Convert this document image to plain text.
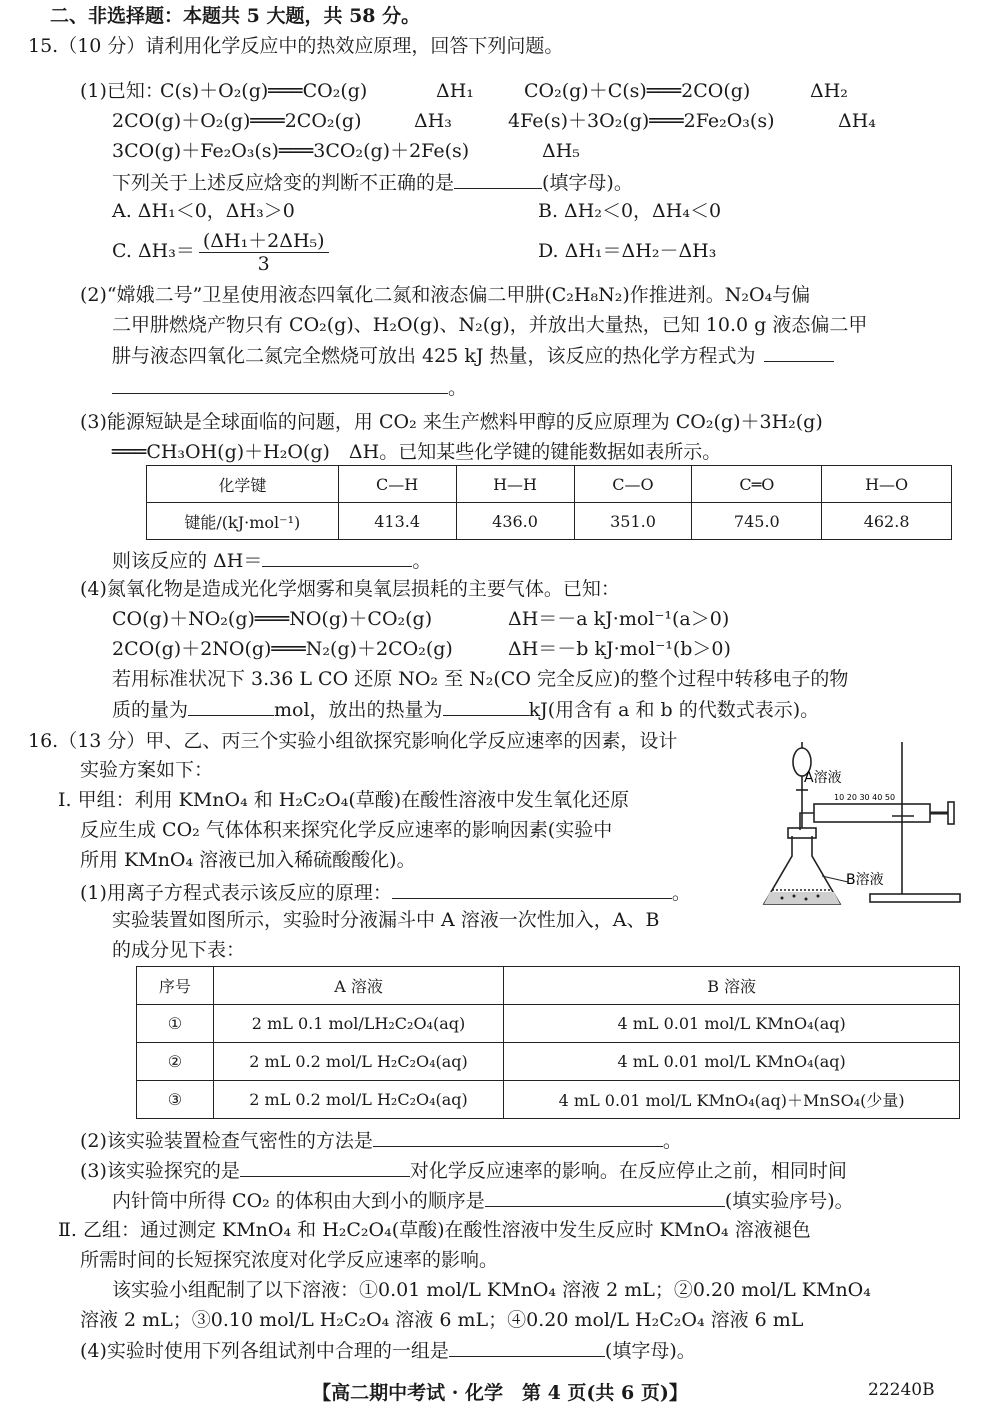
二、非选择题：本题共 5 大题，共 58 分。
15.（10 分）请利用化学反应中的热效应原理，回答下列问题。
(1)已知：
C(s)＋O₂(g)═══CO₂(g)	ΔH₁	CO₂(g)＋C(s)═══2CO(g)	ΔH₂
2CO(g)＋O₂(g)═══2CO₂(g)	ΔH₃	4Fe(s)＋3O₂(g)═══2Fe₂O₃(s)	ΔH₄
3CO(g)＋Fe₂O₃(s)═══3CO₂(g)＋2Fe(s)	ΔH₅
下列关于上述反应焓变的判断不正确的是	(填字母)。
A. ΔH₁＜0，ΔH₃＞0	B. ΔH₂＜0，ΔH₄＜0
C. $\Delta H_3= \frac{\text{(ΔH₁＋2ΔH₅)}}{3}$	D. ΔH₁＝ΔH₂－ΔH₃
(2)“嫦娥二号”卫星使用液态四氧化二氮和液态偏二甲肼(C₂H₈N₂)作推进剂。N₂O₄与偏
二甲肼燃烧产物只有 CO₂(g)、H₂O(g)、N₂(g)，并放出大量热，已知 10.0 g 液态偏二甲
肼与液态四氧化二氮完全燃烧可放出 425 kJ 热量，该反应的热化学方程式为
。
(3)能源短缺是全球面临的问题，用 CO₂ 来生产燃料甲醇的反应原理为 CO₂(g)＋3H₂(g)
═══CH₃OH(g)＋H₂O(g)　ΔH。已知某些化学键的键能数据如表所示。
化学键	C—H	H—H	C—O	C═O	H—O
键能/(kJ·mol⁻¹)	413.4	436.0	351.0	745.0	462.8
则该反应的 ΔH＝	。
(4)氮氧化物是造成光化学烟雾和臭氧层损耗的主要气体。已知：
CO(g)＋NO₂(g)═══NO(g)＋CO₂(g)	ΔH＝－a kJ·mol⁻¹(a＞0)
2CO(g)＋2NO(g)═══N₂(g)＋2CO₂(g)	ΔH＝－b kJ·mol⁻¹(b＞0)
若用标准状况下 3.36 L CO 还原 NO₂ 至 N₂(CO 完全反应)的整个过程中转移电子的物
质的量为	mol，放出的热量为	kJ(用含有 a 和 b 的代数式表示)。
16.（13 分）甲、乙、丙三个实验小组欲探究影响化学反应速率的因素，设计
实验方案如下：
Ⅰ. 甲组：利用 KMnO₄ 和 H₂C₂O₄(草酸)在酸性溶液中发生氧化还原
反应生成 CO₂ 气体体积来探究化学反应速率的影响因素(实验中
所用 KMnO₄ 溶液已加入稀硫酸酸化)。
(1)用离子方程式表示该反应的原理：	。
实验装置如图所示，实验时分液漏斗中 A 溶液一次性加入，A、B
的成分见下表：
A溶液
B溶液
10 20 30 40 50
序号	A 溶液	B 溶液
①	2 mL 0.1 mol/LH₂C₂O₄(aq)	4 mL 0.01 mol/L KMnO₄(aq)
②	2 mL 0.2 mol/L H₂C₂O₄(aq)	4 mL 0.01 mol/L KMnO₄(aq)
③	2 mL 0.2 mol/L H₂C₂O₄(aq)	4 mL 0.01 mol/L KMnO₄(aq)＋MnSO₄(少量)
(2)该实验装置检查气密性的方法是	。
(3)该实验探究的是	对化学反应速率的影响。在反应停止之前，相同时间
内针筒中所得 CO₂ 的体积由大到小的顺序是	(填实验序号)。
Ⅱ. 乙组：通过测定 KMnO₄ 和 H₂C₂O₄(草酸)在酸性溶液中发生反应时 KMnO₄ 溶液褪色
所需时间的长短探究浓度对化学反应速率的影响。
该实验小组配制了以下溶液：①0.01 mol/L KMnO₄ 溶液 2 mL；②0.20 mol/L KMnO₄
溶液 2 mL；③0.10 mol/L H₂C₂O₄ 溶液 6 mL；④0.20 mol/L H₂C₂O₄ 溶液 6 mL
(4)实验时使用下列各组试剂中合理的一组是	(填字母)。
【高二期中考试 · 化学　第 4 页(共 6 页)】	22240B
